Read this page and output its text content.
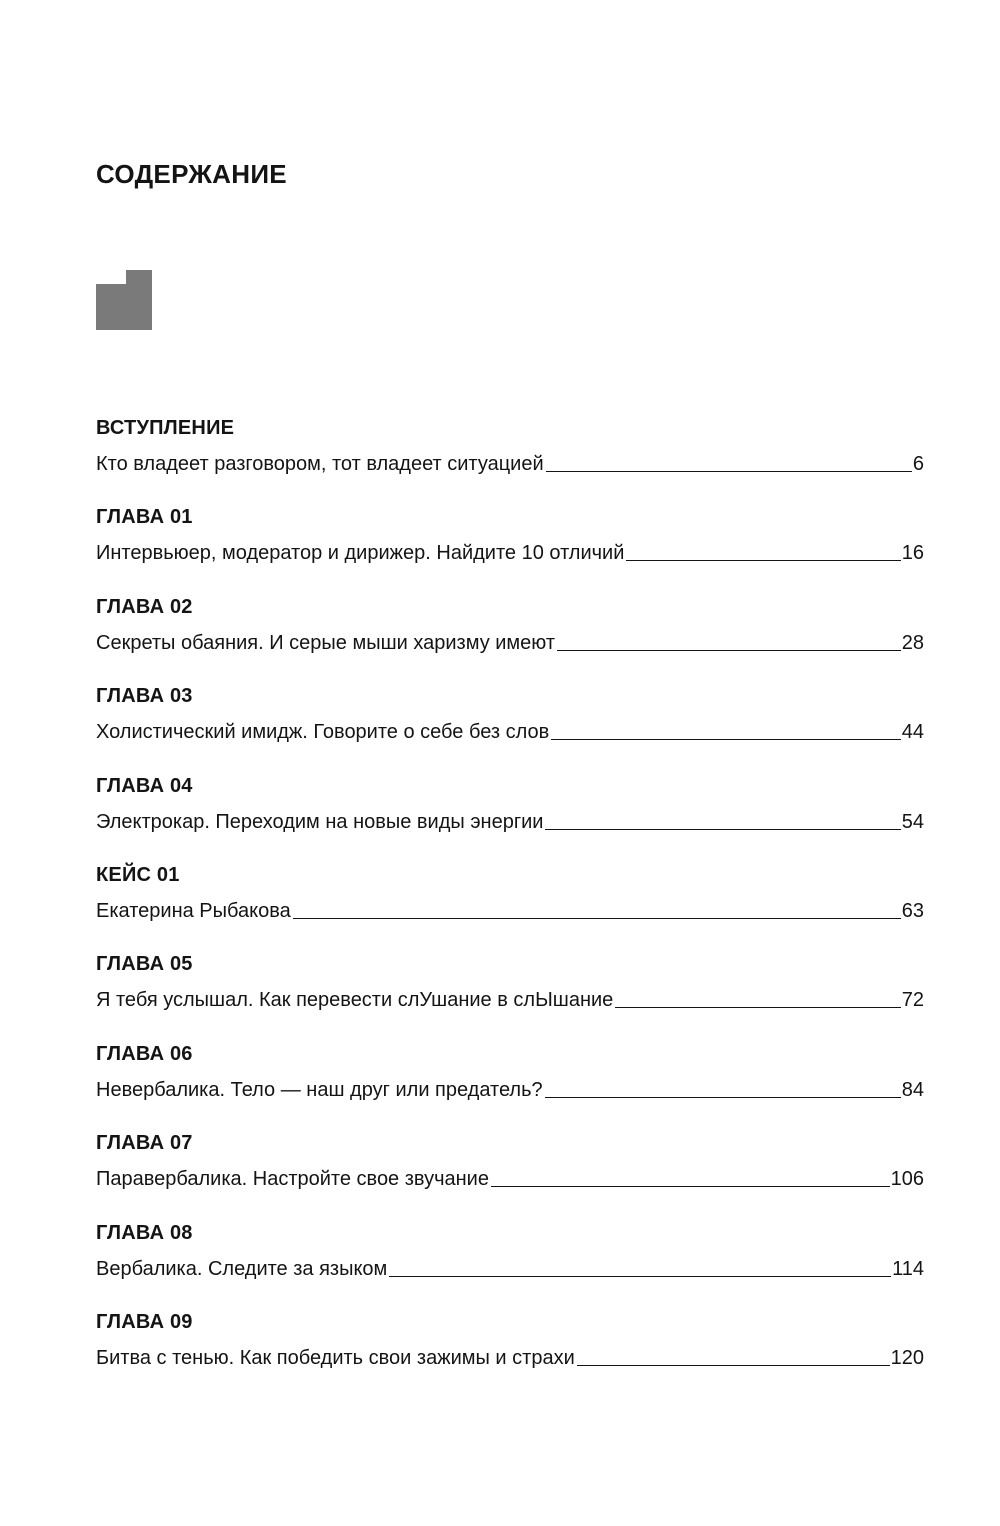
СОДЕРЖАНИЕ
ВСТУПЛЕНИЕ
Кто владеет разговором, тот владеет ситуацией	6
ГЛАВА 01
Интервьюер, модератор и дирижер. Найдите 10 отличий	16
ГЛАВА 02
Секреты обаяния. И серые мыши харизму имеют	28
ГЛАВА 03
Холистический имидж. Говорите о себе без слов	44
ГЛАВА 04
Электрокар. Переходим на новые виды энергии	54
КЕЙС 01
Екатерина Рыбакова	63
ГЛАВА 05
Я тебя услышал. Как перевести слУшание в слЫшание	72
ГЛАВА 06
Невербалика. Тело — наш друг или предатель?	84
ГЛАВА 07
Паравербалика. Настройте свое звучание	106
ГЛАВА 08
Вербалика. Следите за языком	114
ГЛАВА 09
Битва с тенью. Как победить свои зажимы и страхи	120
